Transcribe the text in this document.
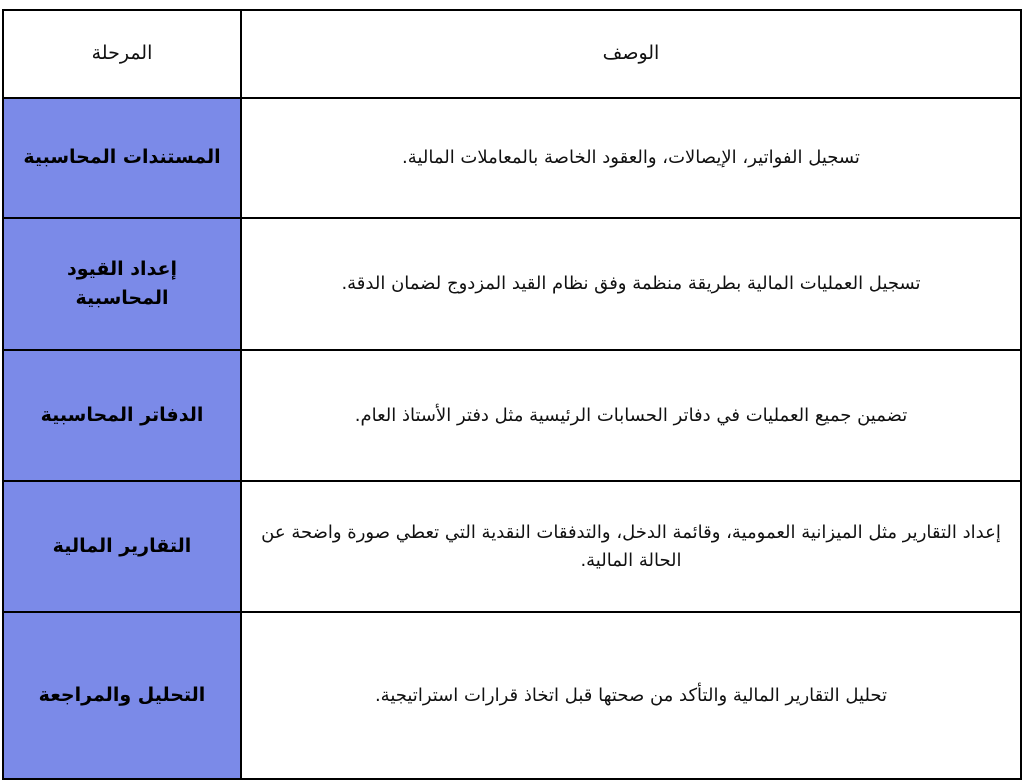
الوصف	المرحلة
تسجيل الفواتير، الإيصالات، والعقود الخاصة بالمعاملات المالية.	المستندات المحاسبية
تسجيل العمليات المالية بطريقة منظمة وفق نظام القيد المزدوج لضمان الدقة.	إعداد القيود المحاسبية
تضمين جميع العمليات في دفاتر الحسابات الرئيسية مثل دفتر الأستاذ العام.	الدفاتر المحاسبية
إعداد التقارير مثل الميزانية العمومية، وقائمة الدخل، والتدفقات النقدية التي تعطي صورة واضحة عن الحالة المالية.	التقارير المالية
تحليل التقارير المالية والتأكد من صحتها قبل اتخاذ قرارات استراتيجية.	التحليل والمراجعة
